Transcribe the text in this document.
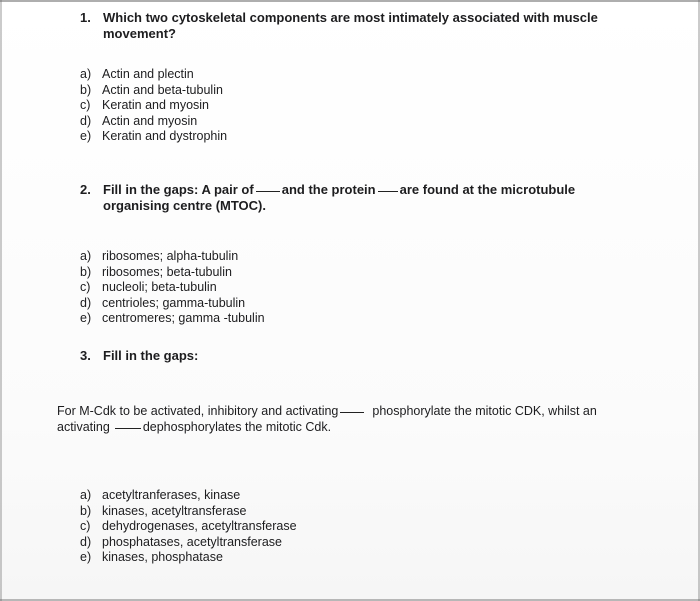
1. Which two cytoskeletal components are most intimately associated with muscle
movement?
a) Actin and plectin
b) Actin and beta-tubulin
c) Keratin and myosin
d) Actin and myosin
e) Keratin and dystrophin
2. Fill in the gaps: A pair of and the protein are found at the microtubule
organising centre (MTOC).
a) ribosomes; alpha-tubulin
b) ribosomes; beta-tubulin
c) nucleoli; beta-tubulin
d) centrioles; gamma-tubulin
e) centromeres; gamma -tubulin
3. Fill in the gaps:
For M-Cdk to be activated, inhibitory and activating	phosphorylate the mitotic CDK, whilst an
activating	dephosphorylates the mitotic Cdk.
a) acetyltranferases, kinase
b) kinases, acetyltransferase
c) dehydrogenases, acetyltransferase
d) phosphatases, acetyltransferase
e) kinases, phosphatase
